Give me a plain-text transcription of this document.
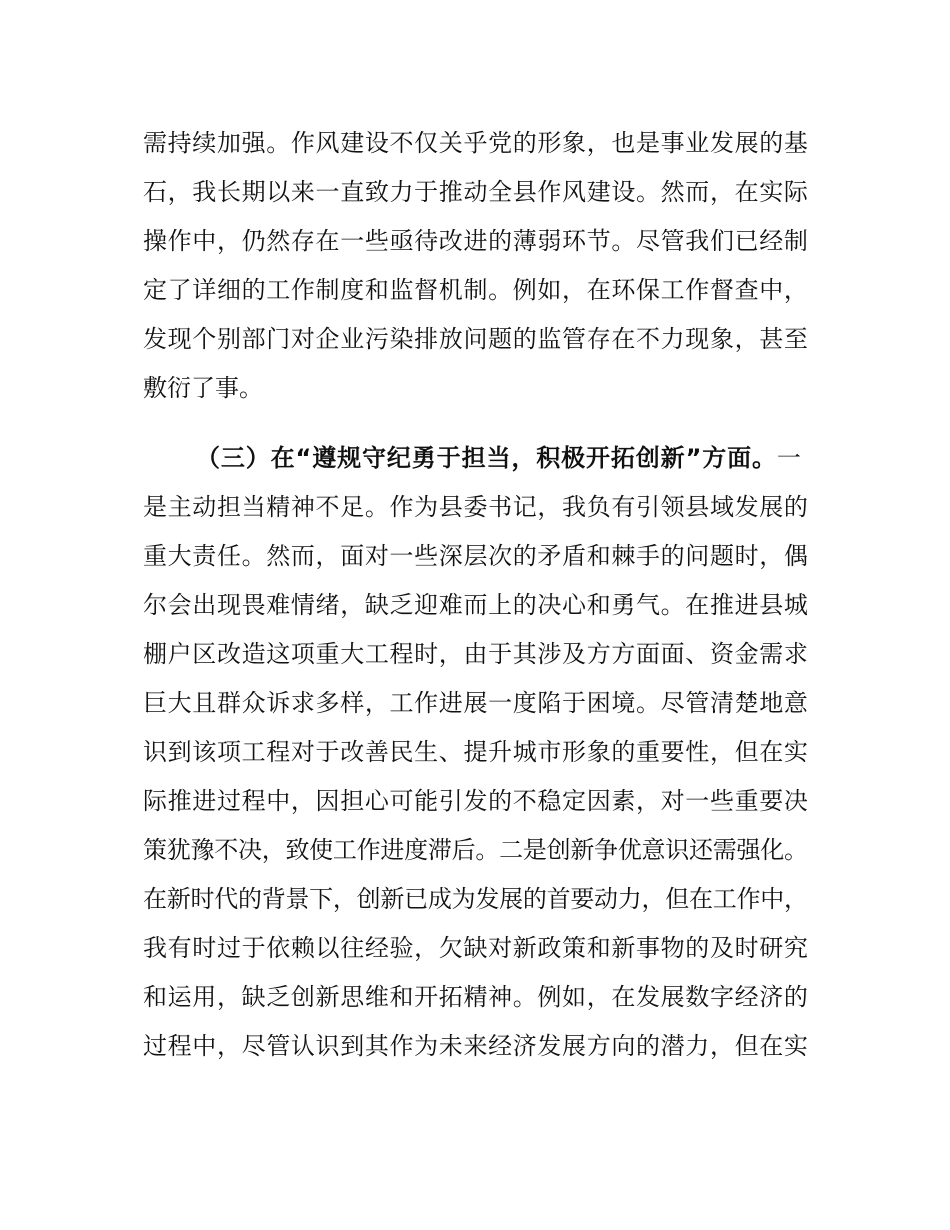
需持续加强。作风建设不仅关乎党的形象，也是事业发展的基
石，我长期以来一直致力于推动全县作风建设。然而，在实际
操作中，仍然存在一些亟待改进的薄弱环节。尽管我们已经制
定了详细的工作制度和监督机制。例如，在环保工作督查中，
发现个别部门对企业污染排放问题的监管存在不力现象，甚至
敷衍了事。
（三）在“遵规守纪勇于担当，积极开拓创新”方面。一
是主动担当精神不足。作为县委书记，我负有引领县域发展的
重大责任。然而，面对一些深层次的矛盾和棘手的问题时，偶
尔会出现畏难情绪，缺乏迎难而上的决心和勇气。在推进县城
棚户区改造这项重大工程时，由于其涉及方方面面、资金需求
巨大且群众诉求多样，工作进展一度陷于困境。尽管清楚地意
识到该项工程对于改善民生、提升城市形象的重要性，但在实
际推进过程中，因担心可能引发的不稳定因素，对一些重要决
策犹豫不决，致使工作进度滞后。二是创新争优意识还需强化。
在新时代的背景下，创新已成为发展的首要动力，但在工作中，
我有时过于依赖以往经验，欠缺对新政策和新事物的及时研究
和运用，缺乏创新思维和开拓精神。例如，在发展数字经济的
过程中，尽管认识到其作为未来经济发展方向的潜力，但在实
